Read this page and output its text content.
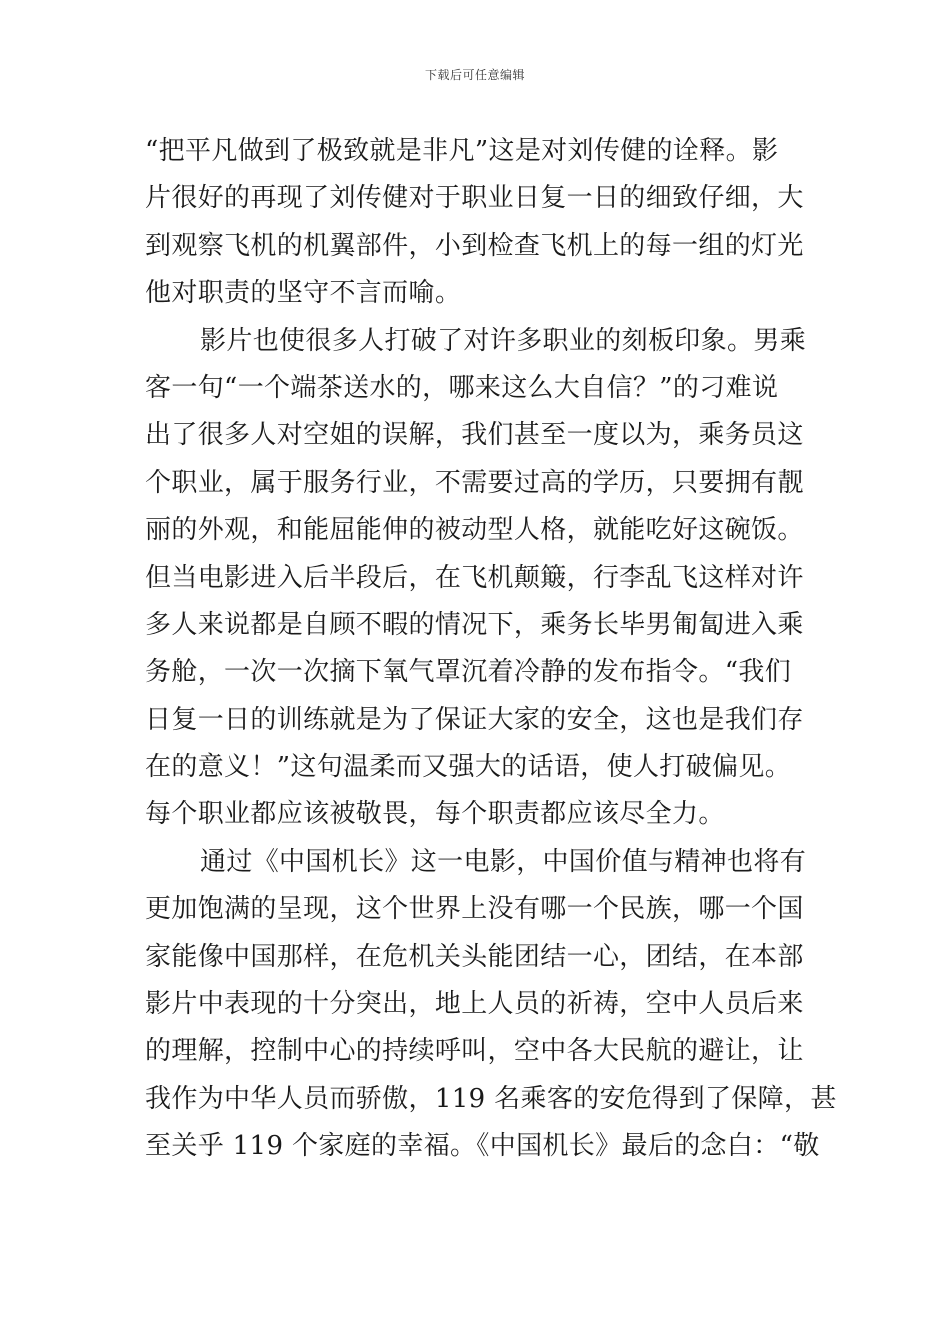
下载后可任意编辑
“把平凡做到了极致就是非凡”这是对刘传健的诠释。影
片很好的再现了刘传健对于职业日复一日的细致仔细，大
到观察飞机的机翼部件，小到检查飞机上的每一组的灯光
他对职责的坚守不言而喻。
影片也使很多人打破了对许多职业的刻板印象。男乘
客一句“一个端茶送水的，哪来这么大自信？”的刁难说
出了很多人对空姐的误解，我们甚至一度以为，乘务员这
个职业，属于服务行业，不需要过高的学历，只要拥有靓
丽的外观，和能屈能伸的被动型人格，就能吃好这碗饭。
但当电影进入后半段后，在飞机颠簸，行李乱飞这样对许
多人来说都是自顾不暇的情况下，乘务长毕男匍匐进入乘
务舱，一次一次摘下氧气罩沉着冷静的发布指令。“我们
日复一日的训练就是为了保证大家的安全，这也是我们存
在的意义！”这句温柔而又强大的话语，使人打破偏见。
每个职业都应该被敬畏，每个职责都应该尽全力。
通过《中国机长》这一电影，中国价值与精神也将有
更加饱满的呈现，这个世界上没有哪一个民族，哪一个国
家能像中国那样，在危机关头能团结一心，团结，在本部
影片中表现的十分突出，地上人员的祈祷，空中人员后来
的理解，控制中心的持续呼叫，空中各大民航的避让，让
我作为中华人员而骄傲，119 名乘客的安危得到了保障，甚
至关乎 119 个家庭的幸福。《中国机长》最后的念白：“敬
